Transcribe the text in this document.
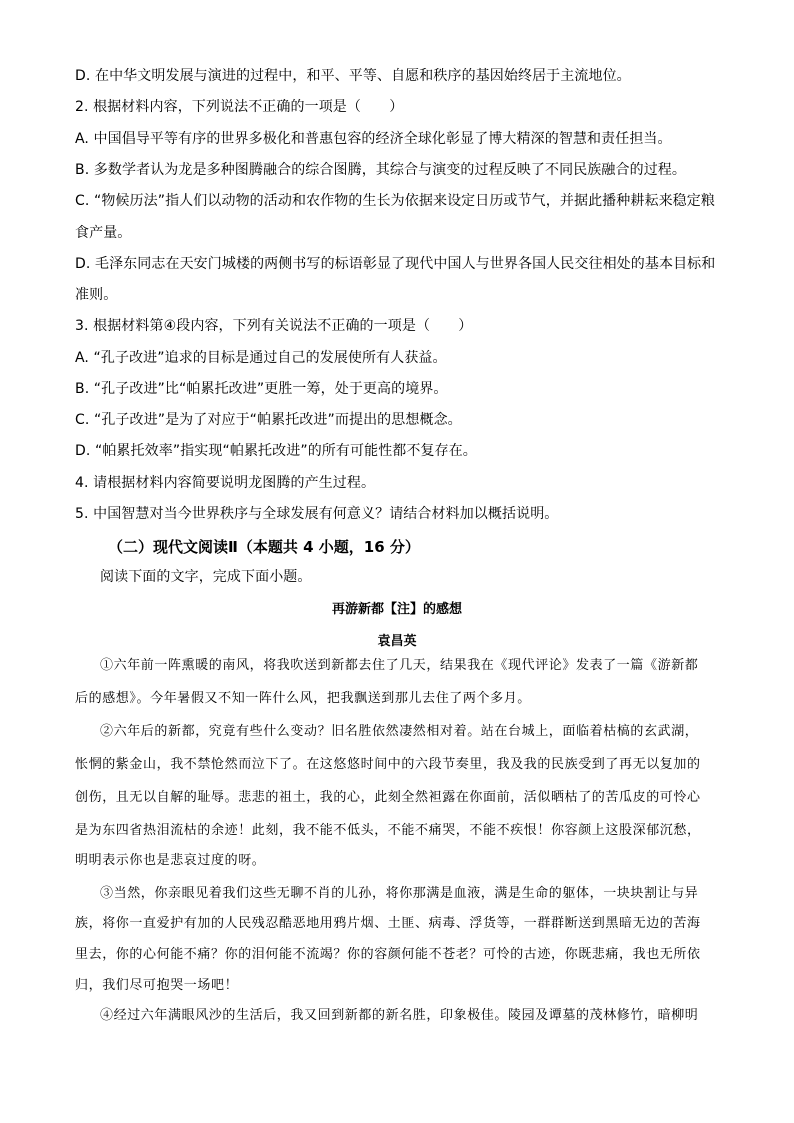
D. 在中华文明发展与演进的过程中，和平、平等、自愿和秩序的基因始终居于主流地位。
2. 根据材料内容，下列说法不正确的一项是（　　）
A. 中国倡导平等有序的世界多极化和普惠包容的经济全球化彰显了博大精深的智慧和责任担当。
B. 多数学者认为龙是多种图腾融合的综合图腾，其综合与演变的过程反映了不同民族融合的过程。
C. “物候历法”指人们以动物的活动和农作物的生长为依据来设定日历或节气，并据此播种耕耘来稳定粮
食产量。
D. 毛泽东同志在天安门城楼的两侧书写的标语彰显了现代中国人与世界各国人民交往相处的基本目标和
准则。
3. 根据材料第④段内容，下列有关说法不正确的一项是（　　）
A. “孔子改进”追求的目标是通过自己的发展使所有人获益。
B. “孔子改进”比“帕累托改进”更胜一筹，处于更高的境界。
C. “孔子改进”是为了对应于“帕累托改进”而提出的思想概念。
D. “帕累托效率”指实现“帕累托改进”的所有可能性都不复存在。
4. 请根据材料内容简要说明龙图腾的产生过程。
5. 中国智慧对当今世界秩序与全球发展有何意义？请结合材料加以概括说明。
（二）现代文阅读Ⅱ（本题共 4 小题，16 分）
阅读下面的文字，完成下面小题。
再游新都【注】的感想
袁昌英
①六年前一阵熏暖的南风，将我吹送到新都去住了几天，结果我在《现代评论》发表了一篇《游新都
后的感想》。今年暑假又不知一阵什么风，把我飘送到那儿去住了两个多月。
②六年后的新都，究竟有些什么变动？旧名胜依然凄然相对着。站在台城上，面临着枯槁的玄武湖，
怅惘的紫金山，我不禁怆然而泣下了。在这悠悠时间中的六段节奏里，我及我的民族受到了再无以复加的
创伤，且无以自解的耻辱。悲悲的祖土，我的心，此刻全然袒露在你面前，活似晒枯了的苦瓜皮的可怜心
是为东四省热泪流枯的余迹！此刻，我不能不低头，不能不痛哭，不能不疾恨！你容颜上这股深郁沉愁，
明明表示你也是悲哀过度的呀。
③当然，你亲眼见着我们这些无聊不肖的儿孙，将你那满是血液，满是生命的躯体，一块块割让与异
族，将你一直爱护有加的人民残忍酷恶地用鸦片烟、土匪、病毒、浮货等，一群群断送到黑暗无边的苦海
里去，你的心何能不痛？你的泪何能不流竭？你的容颜何能不苍老？可怜的古迹，你既悲痛，我也无所依
归，我们尽可抱哭一场吧！
④经过六年满眼风沙的生活后，我又回到新都的新名胜，印象极佳。陵园及谭墓的茂林修竹，暗柳明
